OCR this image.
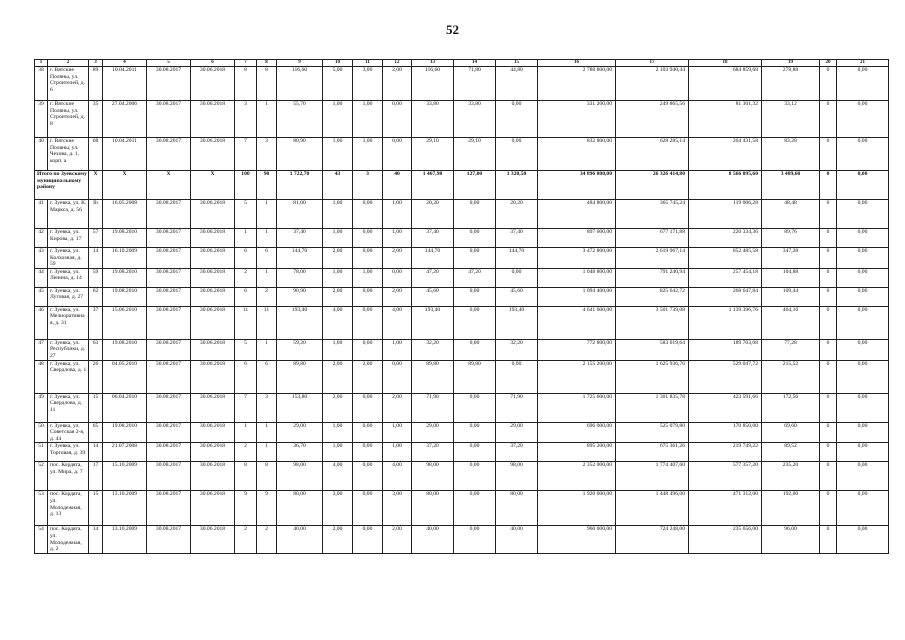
52
1	2	3	4	5	6	7	8	9	10	11	12	13	14	15	16	17	18	19	20	21
38	г. Вятские Поляны, ул. Строителей, д. 6	89	10.04.2011	30.08.2017	30.06.2018	8	8	116,60	5,00	3,00	2,00	116,60	71,80	44,80	2 788 800,00	2 103 940,44	684 859,68	278,88	0	0,00
39	г. Вятские Поляны, ул. Строителей, д. 8	35	27.04.2006	30.08.2017	30.06.2018	3	1	55,70	1,00	1,00	0,00	33,80	33,80	0,00	331 200,00	249 865,56	81 301,32	33,12	0	0,00
40	г. Вятские Поляны, ул. Чехова, д. 1, корп. а	68	10.04.2011	30.08.2017	30.06.2018	7	3	80,90	1,00	1,00	0,00	29,10	29,10	0,00	832 800,00	628 285,14	204 431,58	83,28	0	0,00
Итого по Зуевскому муниципальному району		X	X	X	X	100	90	1 722,70	43	3	40	1 467,98	127,00	1 320,50	34 896 800,00	26 326 414,80	8 566 095,60	3 489,60	0	0,00
41	г. Зуевка, ул. К. Маркса, д. 56	Ib	16.05.2008	30.08.2017	30.06.2018	5	1	81,00	1,00	0,00	1,00	20,20	0,00	20,20	484 800,00	365 745,24	119 006,28	48,48	0	0,00
42	г. Зуевка, ул. Кирова, д. 17	57	19.08.2010	30.08.2017	30.06.2018	1	1	37,40	1,00	0,00	1,00	37,40	0,00	37,40	897 600,00	677 171,88	220 334,36	89,76	0	0,00
43	г. Зуевка, ул. Колхозная, д. 59	14	16.10.2009	30.08.2017	30.06.2018	6	6	144,70	2,00	0,00	2,00	144,70	0,00	144,70	3 472 800,00	2 619 967,14	852 485,58	347,28	0	0,00
44	г. Зуевка, ул. Ленина, д. 14	59	19.08.2010	30.08.2017	30.06.2018	2	1	78,00	1,00	1,00	0,00	47,20	47,20	0,00	1 048 800,00	791 240,94	257 454,18	104,88	0	0,00
45	г. Зуевка, ул. Луговая, д. 27	62	19.08.2010	30.08.2017	30.06.2018	6	2	90,90	2,00	0,00	2,00	45,60	0,00	45,60	1 094 400,00	825 642,72	268 647,84	109,44	0	0,00
46	г. Зуевка, ул. Мелиоративная, д. 31	37	15.06.2010	30.08.2017	30.06.2018	11	11	193,40	4,00	0,00	4,00	193,40	0,00	193,40	4 641 600,00	3 501 739,08	1 139 396,76	464,16	0	0,00
47	г. Зуевка, ул. Республики, д. 27	63	19.08.2010	30.08.2017	30.06.2018	5	1	59,20	1,00	0,00	1,00	32,20	0,00	32,20	772 800,00	583 019,64	189 703,08	77,28	0	0,00
48	г. Зуевка, ул. Свердлова, д. 1	26	04.05.2010	30.08.2017	30.06.2018	6	6	89,80	2,00	2,00	0,00	89,80	89,80	0,00	2 155 200,00	1 625 936,76	529 047,72	215,52	0	0,00
49	г. Зуевка, ул. Свердлова, д. 11	15	06.04.2010	30.08.2017	30.06.2018	7	3	153,80	2,00	0,00	2,00	71,90	0,00	71,90	1 725 600,00	1 301 835,78	423 591,66	172,56	0	0,00
50	г. Зуевка, ул. Советская 2-я, д. 44	65	19.08.2010	30.08.2017	30.06.2018	1	1	29,00	1,00	0,00	1,00	29,00	0,00	29,00	696 000,00	525 079,80	170 850,00	69,60	0	0,00
51	г. Зуевка, ул. Торговая, д. 39	14	21.07.2008	30.08.2017	30.06.2018	2	1	36,70	1,00	0,00	1,00	37,20	0,00	37,20	895 200,00	675 361,26	219 749,22	89,52	0	0,00
52	пос. Кордяга, ул. Мира, д. 7	17	15.10.2009	30.08.2017	30.06.2018	8	8	98,00	4,00	0,00	4,00	98,00	0,00	98,00	2 352 000,00	1 774 407,60	577 357,20	235,20	0	0,00
53	пос. Кордяга, ул. Молодежная, д. 13	15	13.10.2009	30.08.2017	30.06.2018	9	9	80,00	3,00	0,00	3,00	80,00	0,00	80,00	1 920 000,00	1 448 496,00	471 312,00	192,00	0	0,00
54	пос. Кордяга, ул. Молодежная, д. 2	14	13.10.2009	30.08.2017	30.06.2018	2	2	40,00	2,00	0,00	2,00	40,00	0,00	40,00	960 000,00	724 248,00	235 656,00	96,00	0	0,00
